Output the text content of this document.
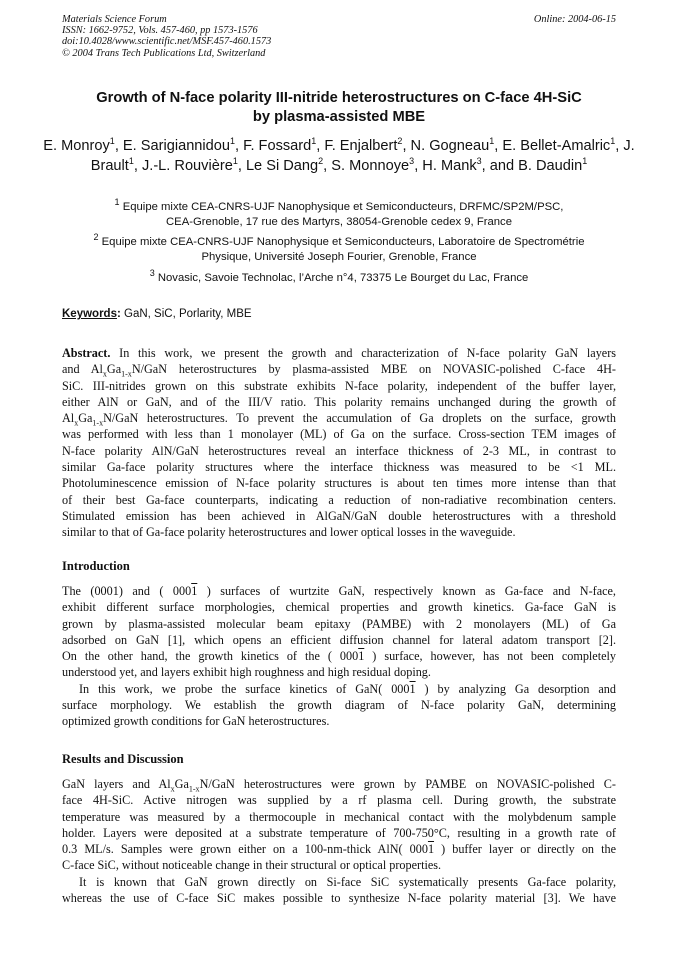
Materials Science Forum
ISSN: 1662-9752, Vols. 457-460, pp 1573-1576
doi:10.4028/www.scientific.net/MSF.457-460.1573
© 2004 Trans Tech Publications Ltd, Switzerland
Online: 2004-06-15
Growth of N-face polarity III-nitride heterostructures on C-face 4H-SiC
by plasma-assisted MBE
E. Monroy$^1$, E. Sarigiannidou$^1$, F. Fossard$^1$, F. Enjalbert$^2$, N. Gogneau$^1$, E. Bellet-Amalric$^1$, J. Brault$^1$, J.-L. Rouvière$^1$, Le Si Dang$^2$, S. Monnoye$^3$, H. Mank$^3$, and B. Daudin$^1$
$^1$ Equipe mixte CEA-CNRS-UJF Nanophysique et Semiconducteurs, DRFMC/SP2M/PSC,
CEA-Grenoble, 17 rue des Martyrs, 38054-Grenoble cedex 9, France
$^2$ Equipe mixte CEA-CNRS-UJF Nanophysique et Semiconducteurs, Laboratoire de Spectrométrie
Physique, Université Joseph Fourier, Grenoble, France
$^3$ Novasic, Savoie Technolac, l’Arche n°4, 73375 Le Bourget du Lac, France
Keywords: GaN, SiC, Porlarity, MBE
Abstract. In this work, we present the growth and characterization of N-face polarity GaN layers
and $Al_xGa_{1-x}N$/GaN heterostructures by plasma-assisted MBE on NOVASIC-polished C-face 4H-
SiC. III-nitrides grown on this substrate exhibits N-face polarity, independent of the buffer layer,
either AlN or GaN, and of the III/V ratio. This polarity remains unchanged during the growth of
$Al_xGa_{1-x}N$/GaN heterostructures. To prevent the accumulation of Ga droplets on the surface, growth
was performed with less than 1 monolayer (ML) of Ga on the surface. Cross-section TEM images of
N-face polarity AlN/GaN heterostructures reveal an interface thickness of 2-3 ML, in contrast to
similar Ga-face polarity structures where the interface thickness was measured to be <1 ML.
Photoluminescence emission of N-face polarity structures is about ten times more intense than that
of their best Ga-face counterparts, indicating a reduction of non-radiative recombination centers.
Stimulated emission has been achieved in AlGaN/GaN double heterostructures with a threshold
similar to that of Ga-face polarity heterostructures and lower optical losses in the waveguide.
Introduction
The (0001) and ( 0001 ) surfaces of wurtzite GaN, respectively known as Ga-face and N-face,
exhibit different surface morphologies, chemical properties and growth kinetics. Ga-face GaN is
grown by plasma-assisted molecular beam epitaxy (PAMBE) with 2 monolayers (ML) of Ga
adsorbed on GaN [1], which opens an efficient diffusion channel for lateral adatom transport [2].
On the other hand, the growth kinetics of the ( 0001 ) surface, however, has not been completely
understood yet, and layers exhibit high roughness and high residual doping.
In this work, we probe the surface kinetics of GaN( 0001 ) by analyzing Ga desorption and
surface morphology. We establish the growth diagram of N-face polarity GaN, determining
optimized growth conditions for GaN heterostructures.
Results and Discussion
GaN layers and $Al_xGa_{1-x}N$/GaN heterostructures were grown by PAMBE on NOVASIC-polished C-
face 4H-SiC. Active nitrogen was supplied by a rf plasma cell. During growth, the substrate
temperature was measured by a thermocouple in mechanical contact with the molybdenum sample
holder. Layers were deposited at a substrate temperature of 700-750°C, resulting in a growth rate of
0.3 ML/s. Samples were grown either on a 100-nm-thick AlN( 0001 ) buffer layer or directly on the
C-face SiC, without noticeable change in their structural or optical properties.
It is known that GaN grown directly on Si-face SiC systematically presents Ga-face polarity,
whereas the use of C-face SiC makes possible to synthesize N-face polarity material [3]. We have
